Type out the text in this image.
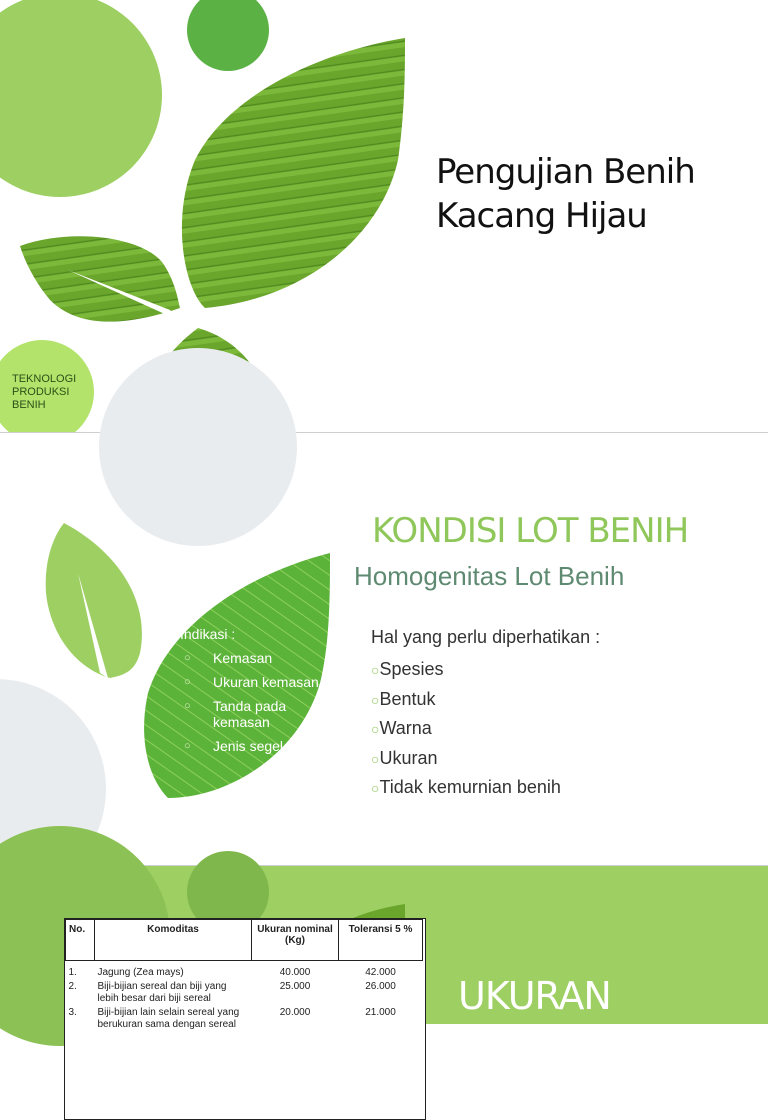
Pengujian Benih
Kacang Hijau
TEKNOLOGI
PRODUKSI
BENIH
KONDISI LOT BENIH
Homogenitas Lot Benih
Hal yang perlu diperhatikan :
○Spesies
○Bentuk
○Warna
○Ukuran
○Tidak kemurnian benih
Indikasi :
○ Kemasan
○ Ukuran kemasan
○ Tanda pada kemasan
○ Jenis segel
No.	Komoditas	Ukuran nominal (Kg)	Toleransi 5 %
1.	Jagung (Zea mays)	40.000	42.000
2.	Biji-bijian sereal dan biji yang lebih besar dari biji sereal	25.000	26.000
3.	Biji-bijian lain selain sereal yang berukuran sama dengan sereal	20.000	21.000 UKURAN
